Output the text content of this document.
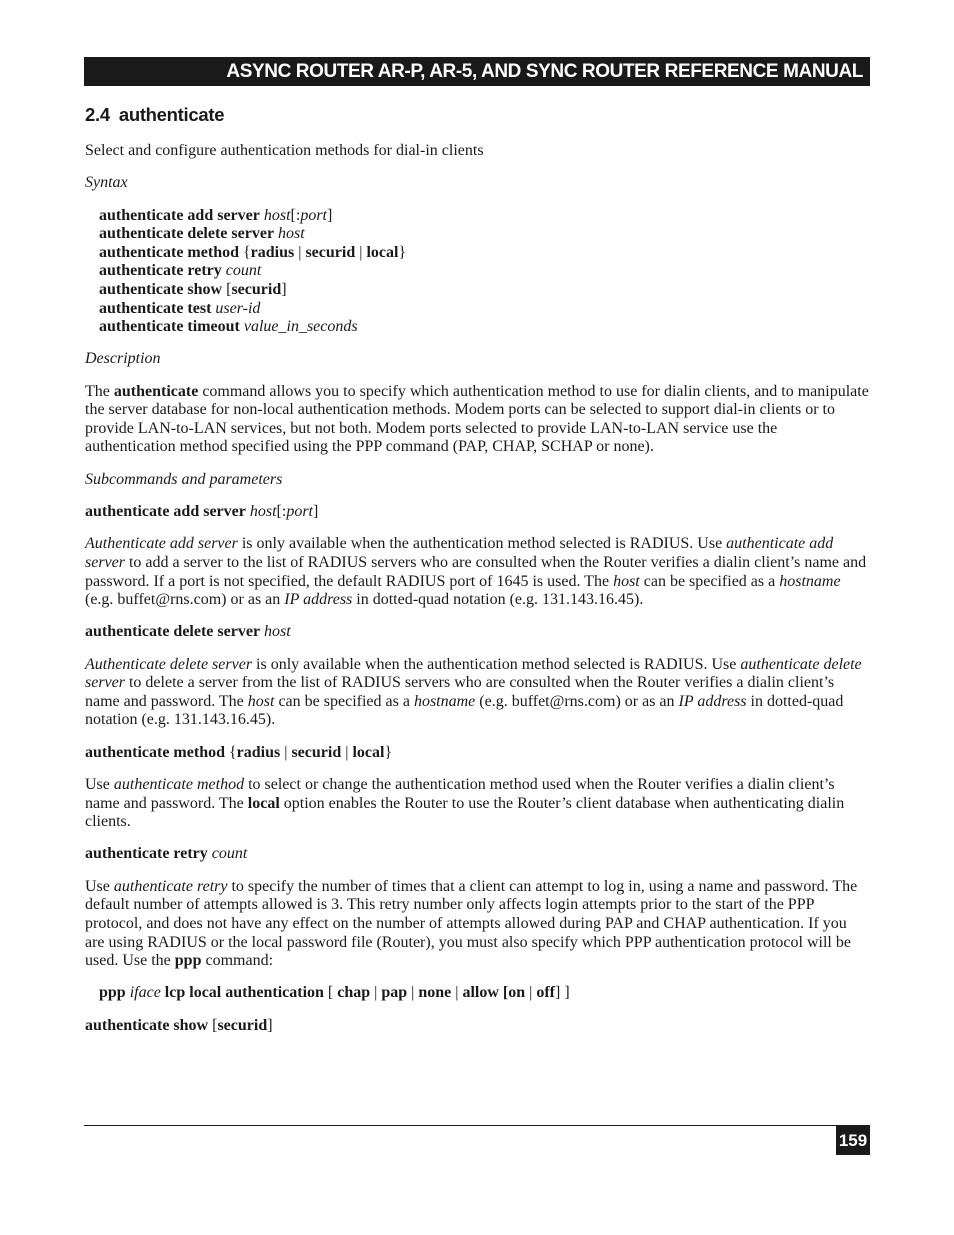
ASYNC ROUTER AR-P, AR-5, AND SYNC ROUTER REFERENCE MANUAL
2.4 authenticate

Select and configure authentication methods for dial-in clients

Syntax

authenticate add server host[:port]
authenticate delete server host
authenticate method {radius | securid | local}
authenticate retry count
authenticate show [securid]
authenticate test user-id
authenticate timeout value_in_seconds

Description

The authenticate command allows you to specify which authentication method to use for dialin clients, and to manipulate the server database for non-local authentication methods. Modem ports can be selected to support dial-in clients or to provide LAN-to-LAN services, but not both. Modem ports selected to provide LAN-to-LAN service use the authentication method specified using the PPP command (PAP, CHAP, SCHAP or none).

Subcommands and parameters

authenticate add server host[:port]

Authenticate add server is only available when the authentication method selected is RADIUS. Use authenticate add server to add a server to the list of RADIUS servers who are consulted when the Router verifies a dialin client’s name and password. If a port is not specified, the default RADIUS port of 1645 is used. The host can be specified as a hostname (e.g. buffet@rns.com) or as an IP address in dotted-quad notation (e.g. 131.143.16.45).

authenticate delete server host

Authenticate delete server is only available when the authentication method selected is RADIUS. Use authenticate delete server to delete a server from the list of RADIUS servers who are consulted when the Router verifies a dialin client’s name and password. The host can be specified as a hostname (e.g. buffet@rns.com) or as an IP address in dotted-quad notation (e.g. 131.143.16.45).

authenticate method {radius | securid | local}

Use authenticate method to select or change the authentication method used when the Router verifies a dialin client’s name and password. The local option enables the Router to use the Router’s client database when authenticating dialin clients.

authenticate retry count

Use authenticate retry to specify the number of times that a client can attempt to log in, using a name and password. The default number of attempts allowed is 3. This retry number only affects login attempts prior to the start of the PPP protocol, and does not have any effect on the number of attempts allowed during PAP and CHAP authentication. If you are using RADIUS or the local password file (Router), you must also specify which PPP authentication protocol will be used. Use the ppp command:

ppp iface lcp local authentication [ chap | pap | none | allow [on | off] ]

authenticate show [securid]

159
